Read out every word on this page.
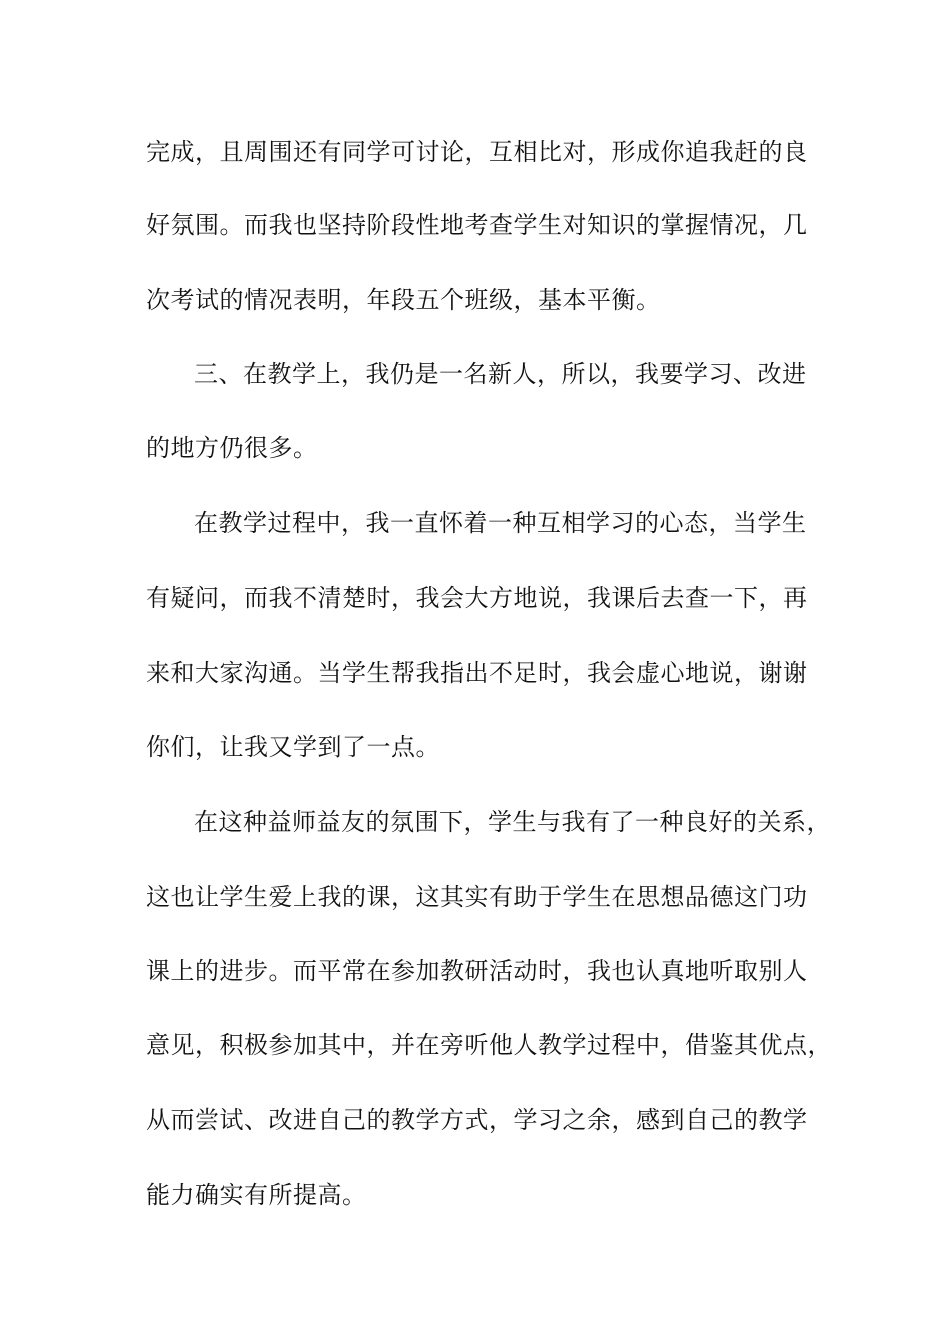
完成，且周围还有同学可讨论，互相比对，形成你追我赶的良
好氛围。而我也坚持阶段性地考查学生对知识的掌握情况，几
次考试的情况表明，年段五个班级，基本平衡。
三、在教学上，我仍是一名新人，所以，我要学习、改进
的地方仍很多。
在教学过程中，我一直怀着一种互相学习的心态，当学生
有疑问，而我不清楚时，我会大方地说，我课后去查一下，再
来和大家沟通。当学生帮我指出不足时，我会虚心地说，谢谢
你们，让我又学到了一点。
在这种益师益友的氛围下，学生与我有了一种良好的关系，
这也让学生爱上我的课，这其实有助于学生在思想品德这门功
课上的进步。而平常在参加教研活动时，我也认真地听取别人
意见，积极参加其中，并在旁听他人教学过程中，借鉴其优点，
从而尝试、改进自己的教学方式，学习之余，感到自己的教学
能力确实有所提高。
